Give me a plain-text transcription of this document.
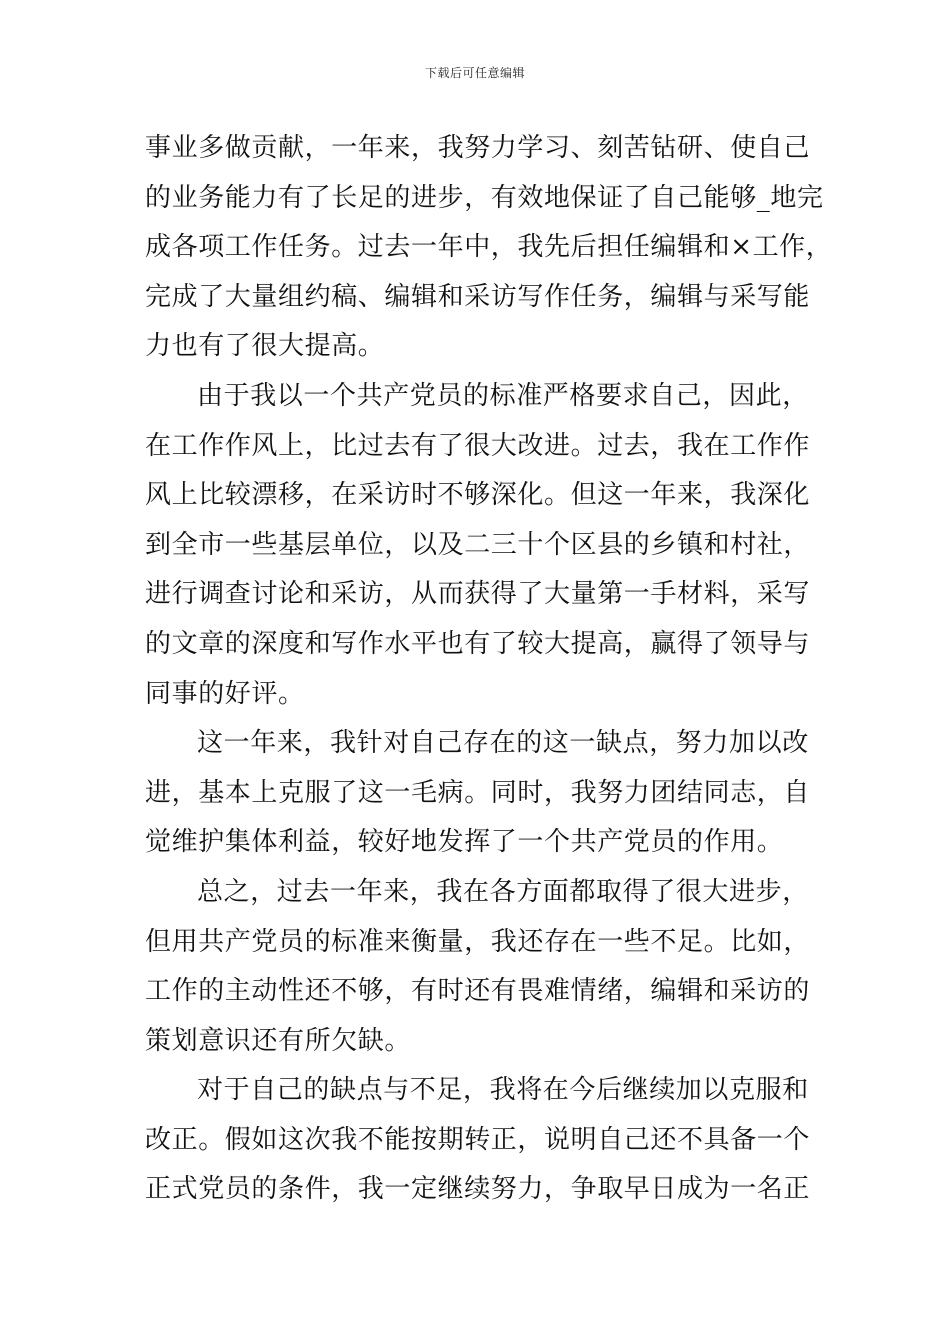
下载后可任意编辑
事业多做贡献，一年来，我努力学习、刻苦钻研、使自己
的业务能力有了长足的进步，有效地保证了自己能够_地完
成各项工作任务。过去一年中，我先后担任编辑和×工作，
完成了大量组约稿、编辑和采访写作任务，编辑与采写能
力也有了很大提高。
由于我以一个共产党员的标准严格要求自己，因此，
在工作作风上，比过去有了很大改进。过去，我在工作作
风上比较漂移，在采访时不够深化。但这一年来，我深化
到全市一些基层单位，以及二三十个区县的乡镇和村社，
进行调查讨论和采访，从而获得了大量第一手材料，采写
的文章的深度和写作水平也有了较大提高，赢得了领导与
同事的好评。
这一年来，我针对自己存在的这一缺点，努力加以改
进，基本上克服了这一毛病。同时，我努力团结同志，自
觉维护集体利益，较好地发挥了一个共产党员的作用。
总之，过去一年来，我在各方面都取得了很大进步，
但用共产党员的标准来衡量，我还存在一些不足。比如，
工作的主动性还不够，有时还有畏难情绪，编辑和采访的
策划意识还有所欠缺。
对于自己的缺点与不足，我将在今后继续加以克服和
改正。假如这次我不能按期转正，说明自己还不具备一个
正式党员的条件，我一定继续努力，争取早日成为一名正
